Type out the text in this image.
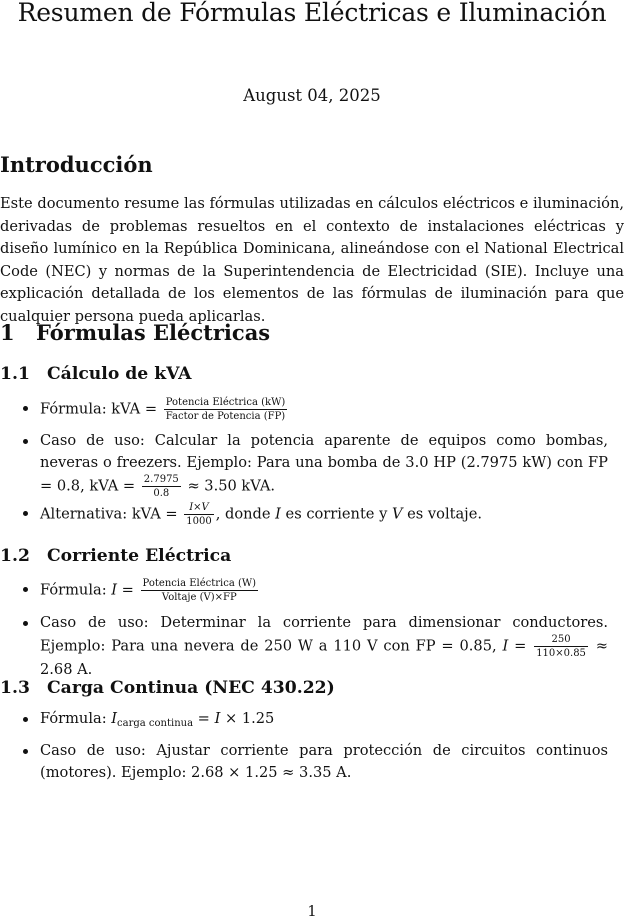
Resumen de Fórmulas Eléctricas e Iluminación
August 04, 2025
Introducción
Este documento resume las fórmulas utilizadas en cálculos eléctricos e iluminación, derivadas de problemas resueltos en el contexto de instalaciones eléctricas y diseño lumínico en la República Dominicana, alineándose con el National Electrical Code (NEC) y normas de la Superintendencia de Electricidad (SIE). Incluye una explicación detallada de los elementos de las fórmulas de iluminación para que cualquier persona pueda aplicarlas.
1 Fórmulas Eléctricas
1.1 Cálculo de kVA
Fórmula: kVA = $\frac{\text{Potencia Eléctrica (kW)}}{\text{Factor de Potencia (FP)}}$
Caso de uso: Calcular la potencia aparente de equipos como bombas, neveras o freezers. Ejemplo: Para una bomba de 3.0 HP (2.7975 kW) con FP = 0.8, kVA = $\frac{2.7975}{0.8} \approx 3.50$ kVA.
Alternativa: kVA = $\frac{I\times V}{1000}$ , donde I es corriente y V es voltaje.
1.2 Corriente Eléctrica
Fórmula: $I = \frac{\text{Potencia Eléctrica (W)}}{\text{Voltaje (V)×FP}}$
Caso de uso: Determinar la corriente para dimensionar conductores. Ejemplo: Para una nevera de 250 W a 110 V con FP = 0.85, $I = \frac{250}{110\times 0.85} \approx 2.68$ A.
1.3 Carga Continua (NEC 430.22)
Fórmula: $I_{carga continua} = I \times 1.25$
Caso de uso: Ajustar corriente para protección de circuitos continuos (motores). Ejemplo: 2.68 × 1.25 ≈ 3.35 A.
1
